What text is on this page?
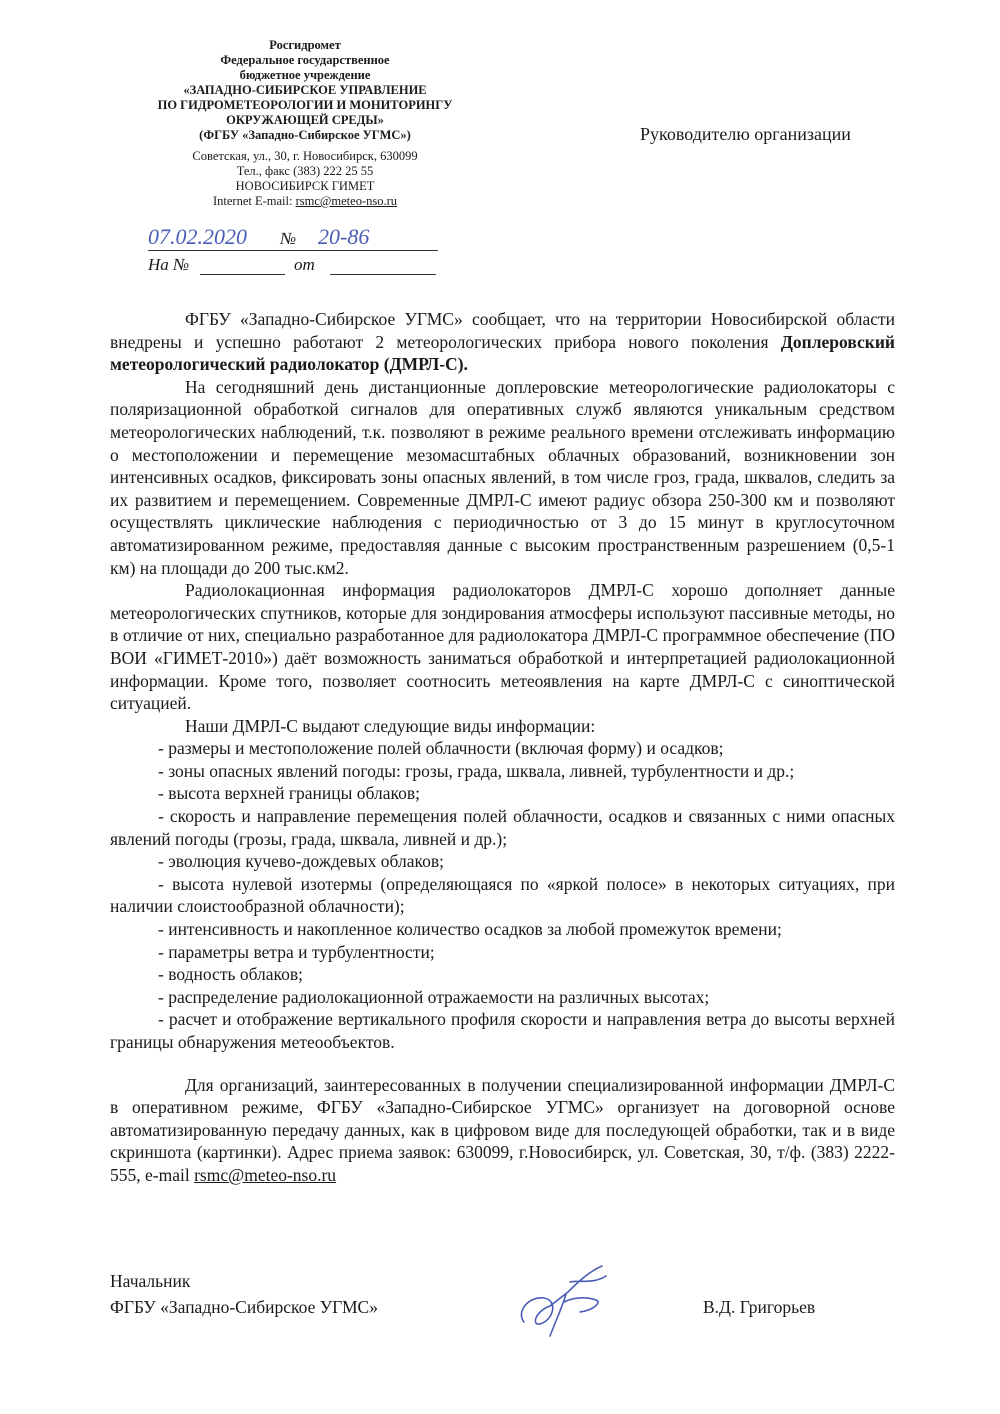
Росгидромет
Федеральное государственное
бюджетное учреждение
«ЗАПАДНО-СИБИРСКОЕ УПРАВЛЕНИЕ
ПО ГИДРОМЕТЕОРОЛОГИИ И МОНИТОРИНГУ
ОКРУЖАЮЩЕЙ СРЕДЫ»
(ФГБУ «Западно-Сибирское УГМС»)
Советская, ул., 30, г. Новосибирск, 630099
Тел., факс (383) 222 25 55
НОВОСИБИРСК ГИМЕТ
Internet E-mail: rsmc@meteo-nso.ru
Руководителю организации
07.02.2020 № 20-86
На №	от

ФГБУ «Западно-Сибирское УГМС» сообщает, что на территории Новосибирской области внедрены и успешно работают 2 метеорологических прибора нового поколения Доплеровский метеорологический радиолокатор (ДМРЛ-С).

На сегодняшний день дистанционные доплеровские метеорологические радиолокаторы с поляризационной обработкой сигналов для оперативных служб являются уникальным средством метеорологических наблюдений, т.к. позволяют в режиме реального времени отслеживать информацию о местоположении и перемещение мезомасштабных облачных образований, возникновении зон интенсивных осадков, фиксировать зоны опасных явлений, в том числе гроз, града, шквалов, следить за их развитием и перемещением. Современные ДМРЛ-С имеют радиус обзора 250-300 км и позволяют осуществлять циклические наблюдения с периодичностью от 3 до 15 минут в круглосуточном автоматизированном режиме, предоставляя данные с высоким пространственным разрешением (0,5-1 км) на площади до 200 тыс.км2.

Радиолокационная информация радиолокаторов ДМРЛ-С хорошо дополняет данные метеорологических спутников, которые для зондирования атмосферы используют пассивные методы, но в отличие от них, специально разработанное для радиолокатора ДМРЛ-С программное обеспечение (ПО ВОИ «ГИМЕТ-2010») даёт возможность заниматься обработкой и интерпретацией радиолокационной информации. Кроме того, позволяет соотносить метеоявления на карте ДМРЛ-С с синоптической ситуацией.

Наши ДМРЛ-С выдают следующие виды информации:

- размеры и местоположение полей облачности (включая форму) и осадков;

- зоны опасных явлений погоды: грозы, града, шквала, ливней, турбулентности и др.;

- высота верхней границы облаков;

- скорость и направление перемещения полей облачности, осадков и связанных с ними опасных явлений погоды (грозы, града, шквала, ливней и др.);

- эволюция кучево-дождевых облаков;

- высота нулевой изотермы (определяющаяся по «яркой полосе» в некоторых ситуациях, при наличии слоистообразной облачности);

- интенсивность и накопленное количество осадков за любой промежуток времени;

- параметры ветра и турбулентности;

- водность облаков;

- распределение радиолокационной отражаемости на различных высотах;

- расчет и отображение вертикального профиля скорости и направления ветра до высоты верхней границы обнаружения метеообъектов.

Для организаций, заинтересованных в получении специализированной информации ДМРЛ-С в оперативном режиме, ФГБУ «Западно-Сибирское УГМС» организует на договорной основе автоматизированную передачу данных, как в цифровом виде для последующей обработки, так и в виде скриншота (картинки). Адрес приема заявок: 630099, г.Новосибирск, ул. Советская, 30, т/ф. (383) 2222-555, e-mail rsmc@meteo-nso.ru

Начальник
ФГБУ «Западно-Сибирское УГМС»	В.Д. Григорьев
